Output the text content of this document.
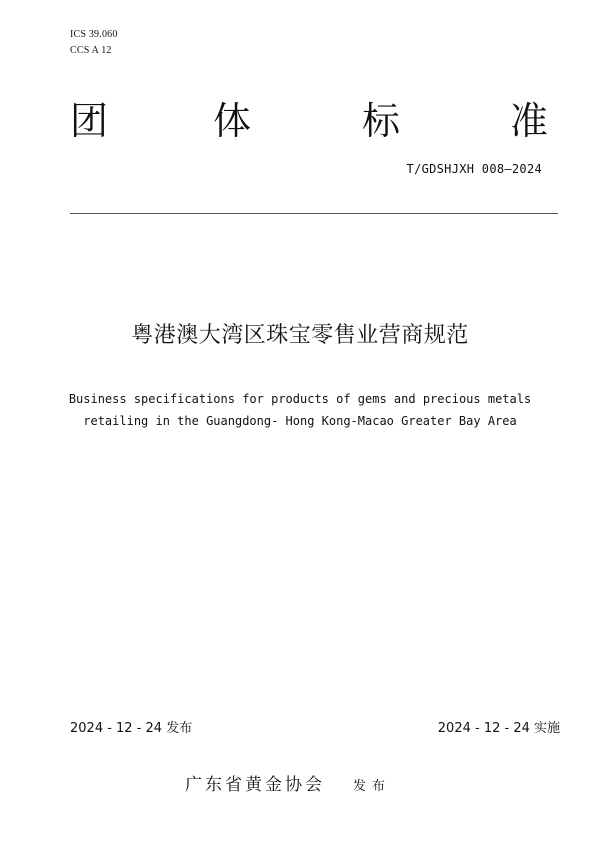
ICS 39.060
CCS A 12
团	体	标	准
T/GDSHJXH 008—2024
粤港澳大湾区珠宝零售业营商规范
Business specifications for products of gems and precious metals
retailing in the Guangdong- Hong Kong-Macao Greater Bay Area
2024 - 12 - 24 发布	2024 - 12 - 24 实施
广东省黄金协会 发布
